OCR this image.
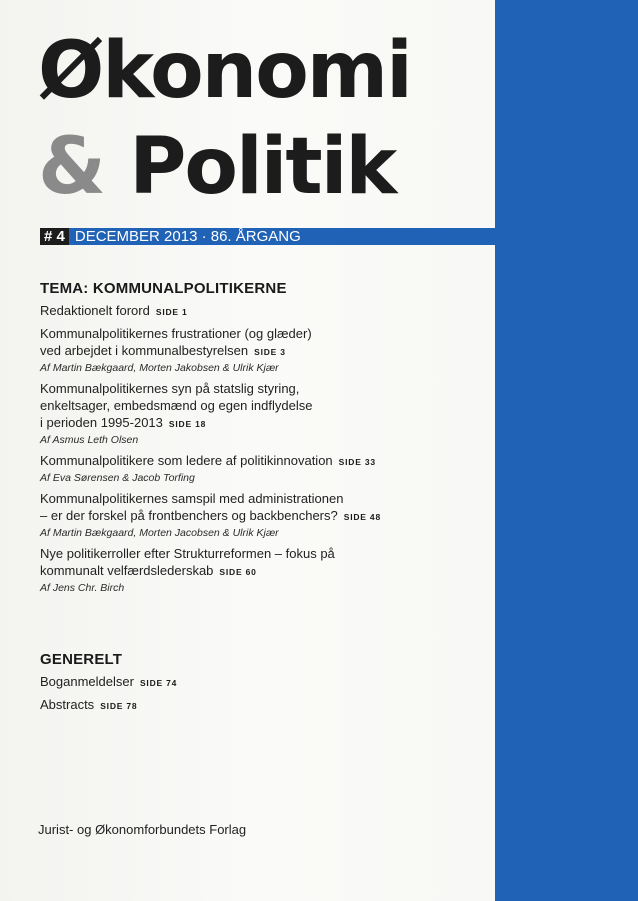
Økonomi
& Politik
# 4 DECEMBER 2013 · 86. ÅRGANG
TEMA: KOMMUNALPOLITIKERNE
Redaktionelt forord SIDE 1
Kommunalpolitikernes frustrationer (og glæder)
ved arbejdet i kommunalbestyrelsen SIDE 3
Af Martin Bækgaard, Morten Jakobsen & Ulrik Kjær
Kommunalpolitikernes syn på statslig styring,
enkeltsager, embedsmænd og egen indflydelse
i perioden 1995-2013 SIDE 18
Af Asmus Leth Olsen
Kommunalpolitikere som ledere af politikinnovation SIDE 33
Af Eva Sørensen & Jacob Torfing
Kommunalpolitikernes samspil med administrationen
– er der forskel på frontbenchers og backbenchers? SIDE 48
Af Martin Bækgaard, Morten Jacobsen & Ulrik Kjær
Nye politikerroller efter Strukturreformen – fokus på
kommunalt velfærdslederskab SIDE 60
Af Jens Chr. Birch
GENERELT
Boganmeldelser SIDE 74
Abstracts SIDE 78
Jurist- og Økonomforbundets Forlag
